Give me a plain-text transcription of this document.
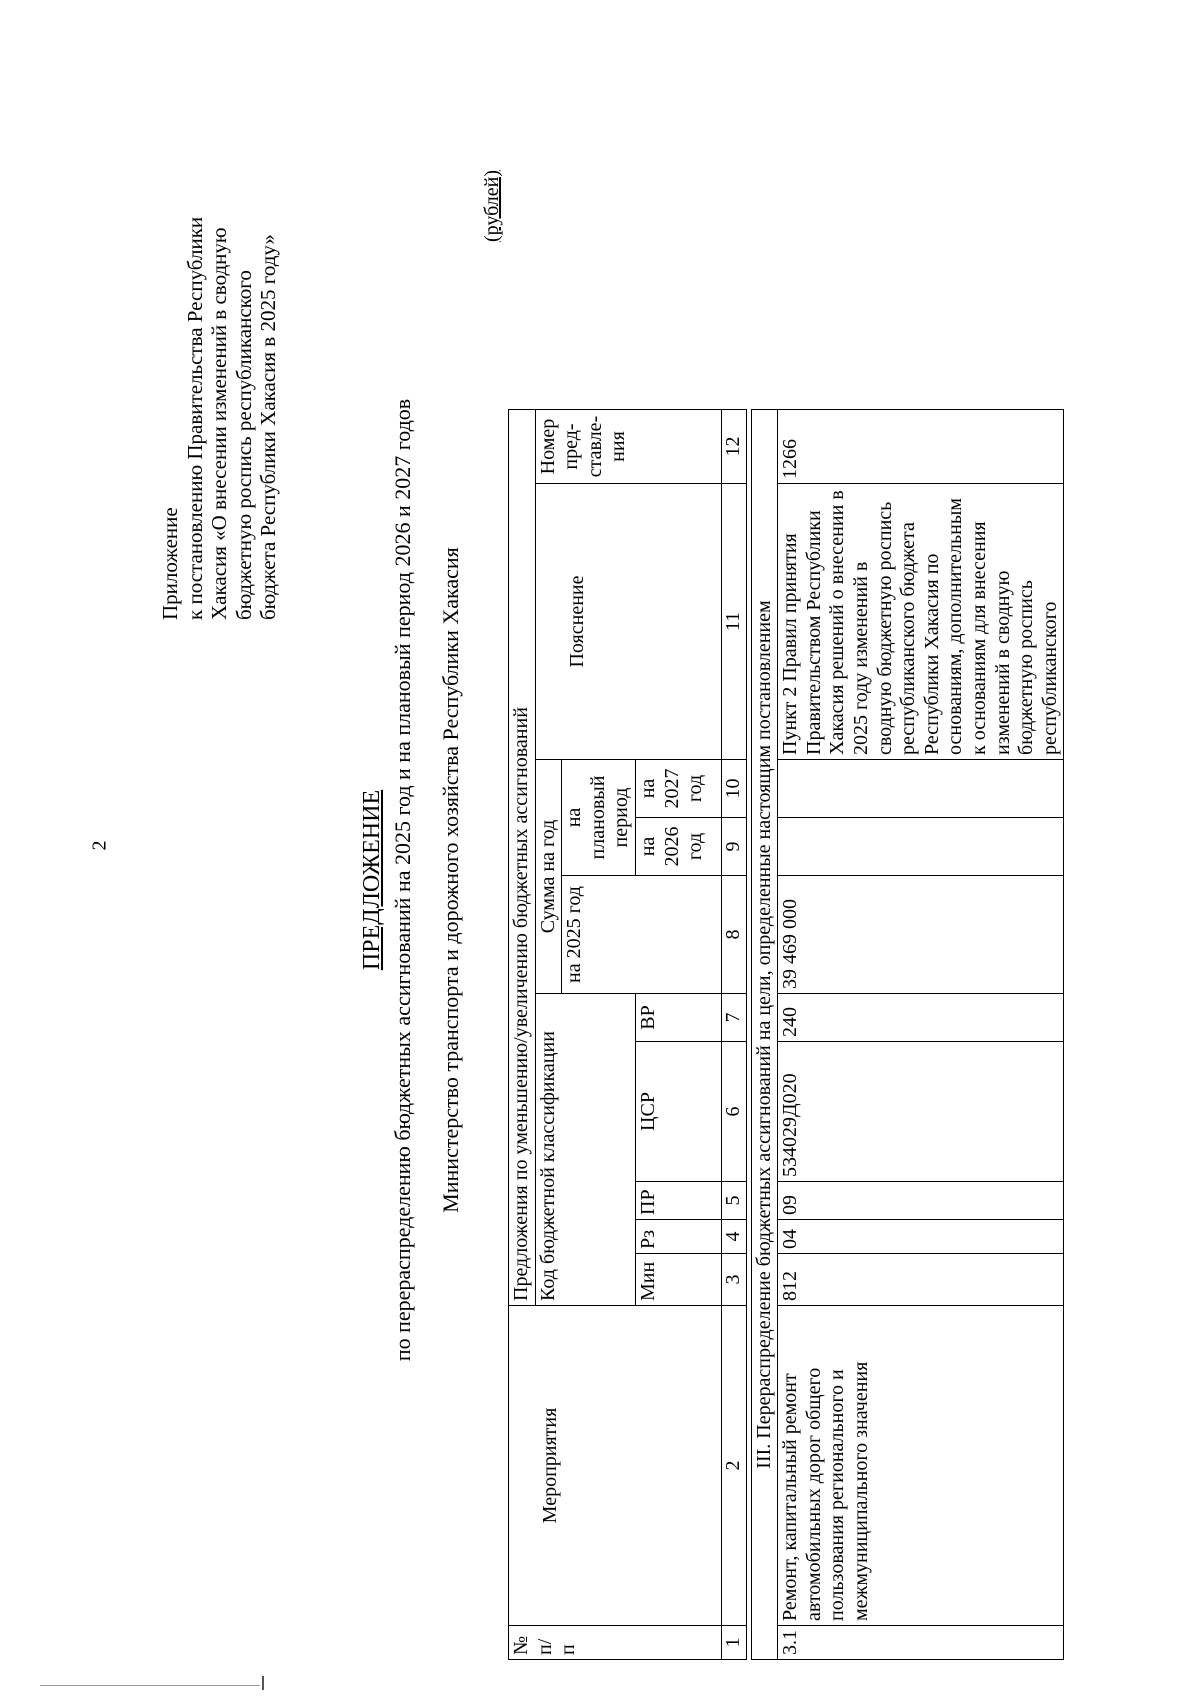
2
Приложение к постановлению Правительства Республики Хакасия «О внесении изменений в сводную бюджетную роспись республиканского бюджета Республики Хакасия в 2025 году»
ПРЕДЛОЖЕНИЕ по перераспределению бюджетных ассигнований на 2025 год и на плановый период 2026 и 2027 годов Министерство транспорта и дорожного хозяйства Республики Хакасия
(рублей)
№ п/п	Мероприятия	Предложения по уменьшению/увеличению бюджетных ассигнований									
		Код бюджетной классификации					Сумма на год			Пояснение	Номер пред-ставле-ния
							на 2025 год	на плановый период			
		Мин	Рз	ПР	ЦСР	ВР		на 2026 год	на 2027 год		
1	2	3	4	5	6	7	8	9	10	11	12

III. Перераспределение бюджетных ассигнований на цели, определенные настоящим постановлением											
3.1	Ремонт, капитальный ремонт автомобильных дорог общего пользования регионального и межмуниципального значения	812	04	09	534029Д020	240	39 469 000			Пункт 2 Правил принятия Правительством Республики Хакасия решений о внесении в 2025 году изменений в сводную бюджетную роспись республиканского бюджета Республики Хакасия по основаниям, дополнительным к основаниям для внесения изменений в сводную бюджетную роспись республиканского	1266
